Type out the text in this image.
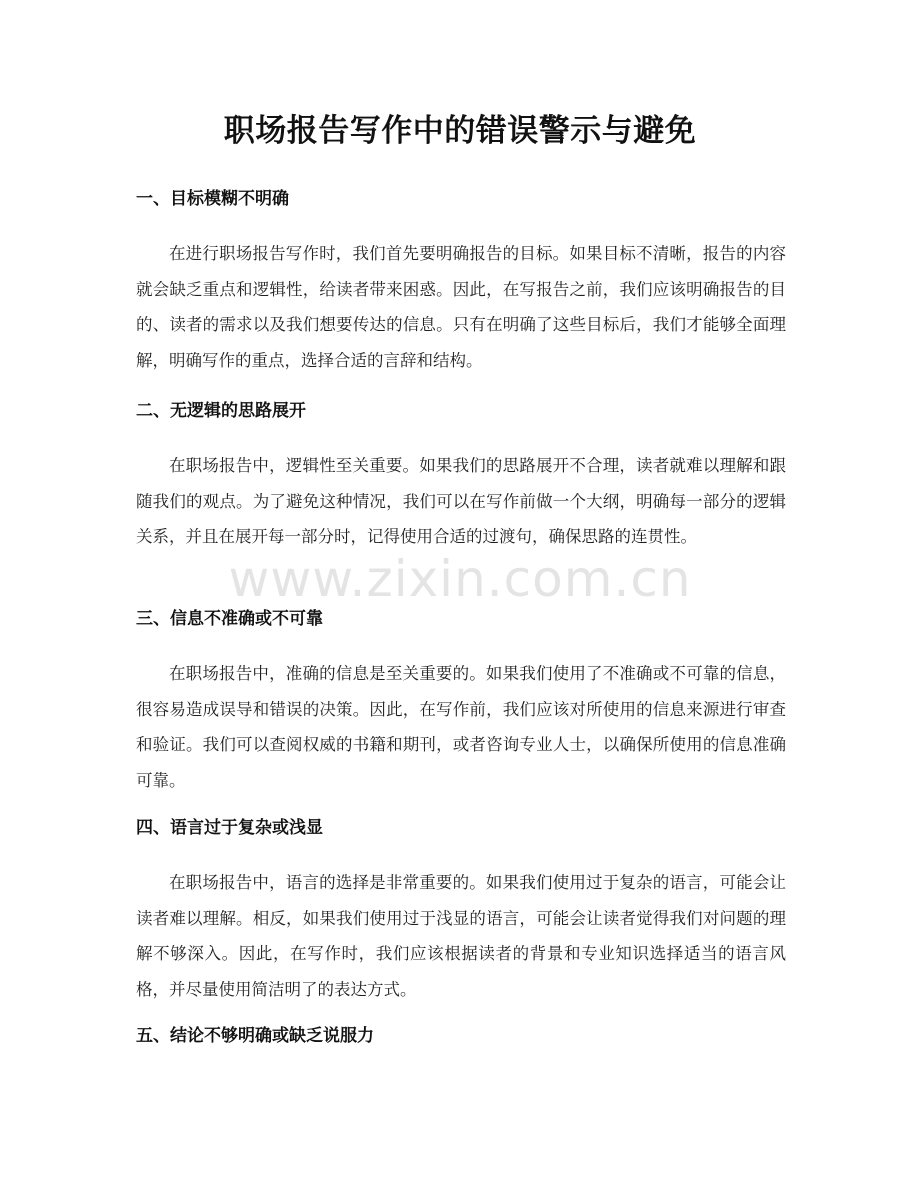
职场报告写作中的错误警示与避免
一、目标模糊不明确

在进行职场报告写作时，我们首先要明确报告的目标。如果目标不清晰，报告的内容就会缺乏重点和逻辑性，给读者带来困惑。因此，在写报告之前，我们应该明确报告的目的、读者的需求以及我们想要传达的信息。只有在明确了这些目标后，我们才能够全面理解，明确写作的重点，选择合适的言辞和结构。

二、无逻辑的思路展开

在职场报告中，逻辑性至关重要。如果我们的思路展开不合理，读者就难以理解和跟随我们的观点。为了避免这种情况，我们可以在写作前做一个大纲，明确每一部分的逻辑关系，并且在展开每一部分时，记得使用合适的过渡句，确保思路的连贯性。

三、信息不准确或不可靠

在职场报告中，准确的信息是至关重要的。如果我们使用了不准确或不可靠的信息，很容易造成误导和错误的决策。因此，在写作前，我们应该对所使用的信息来源进行审查和验证。我们可以查阅权威的书籍和期刊，或者咨询专业人士，以确保所使用的信息准确可靠。

四、语言过于复杂或浅显

在职场报告中，语言的选择是非常重要的。如果我们使用过于复杂的语言，可能会让读者难以理解。相反，如果我们使用过于浅显的语言，可能会让读者觉得我们对问题的理解不够深入。因此，在写作时，我们应该根据读者的背景和专业知识选择适当的语言风格，并尽量使用简洁明了的表达方式。

五、结论不够明确或缺乏说服力
www.zixin.com.cn
